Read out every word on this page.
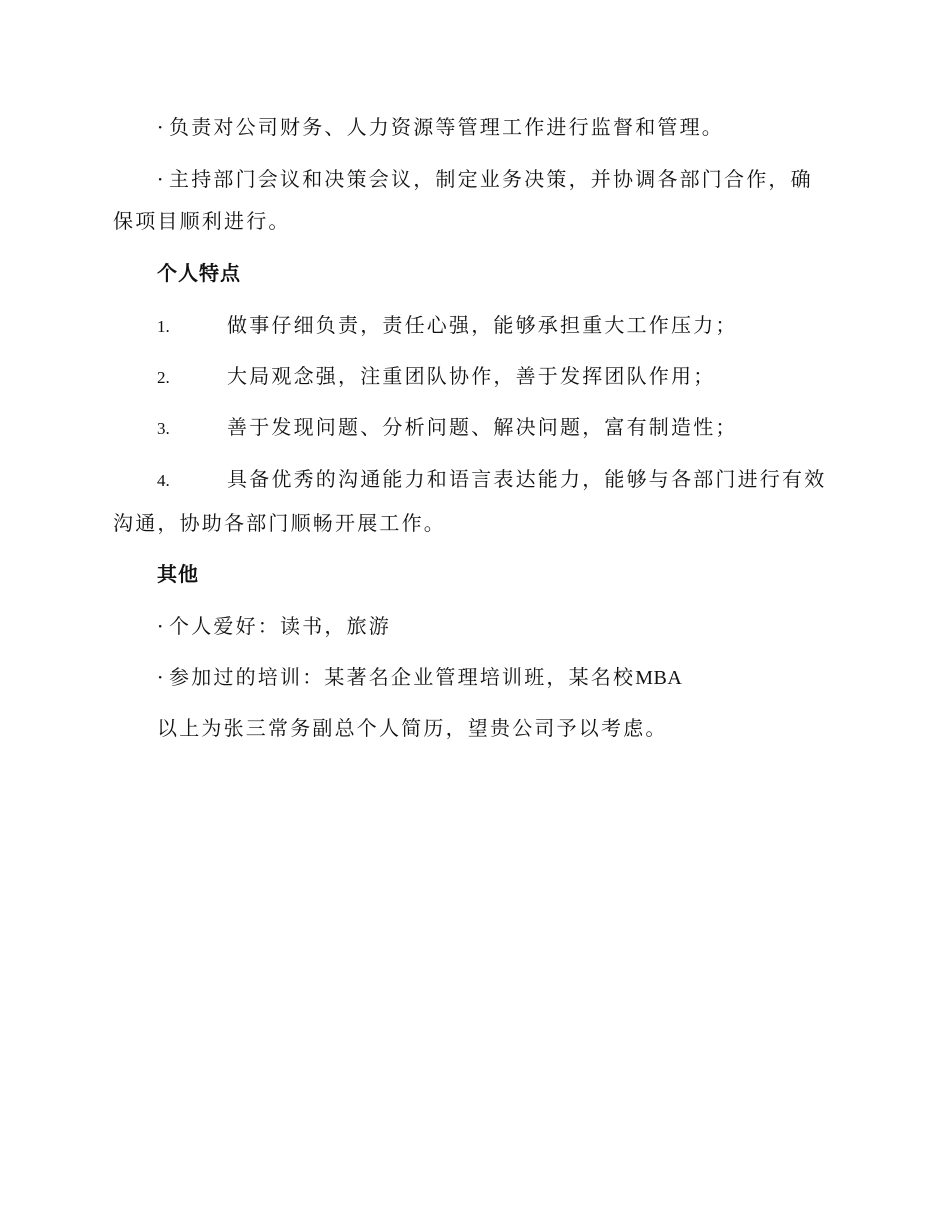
· 负责对公司财务、人力资源等管理工作进行监督和管理。
· 主持部门会议和决策会议，制定业务决策，并协调各部门合作，确保项目顺利进行。
个人特点
1.	做事仔细负责，责任心强，能够承担重大工作压力；
2.	大局观念强，注重团队协作，善于发挥团队作用；
3.	善于发现问题、分析问题、解决问题，富有制造性；
4.	具备优秀的沟通能力和语言表达能力，能够与各部门进行有效沟通，协助各部门顺畅开展工作。
其他
· 个人爱好：读书，旅游
· 参加过的培训：某著名企业管理培训班，某名校MBA
以上为张三常务副总个人简历，望贵公司予以考虑。
